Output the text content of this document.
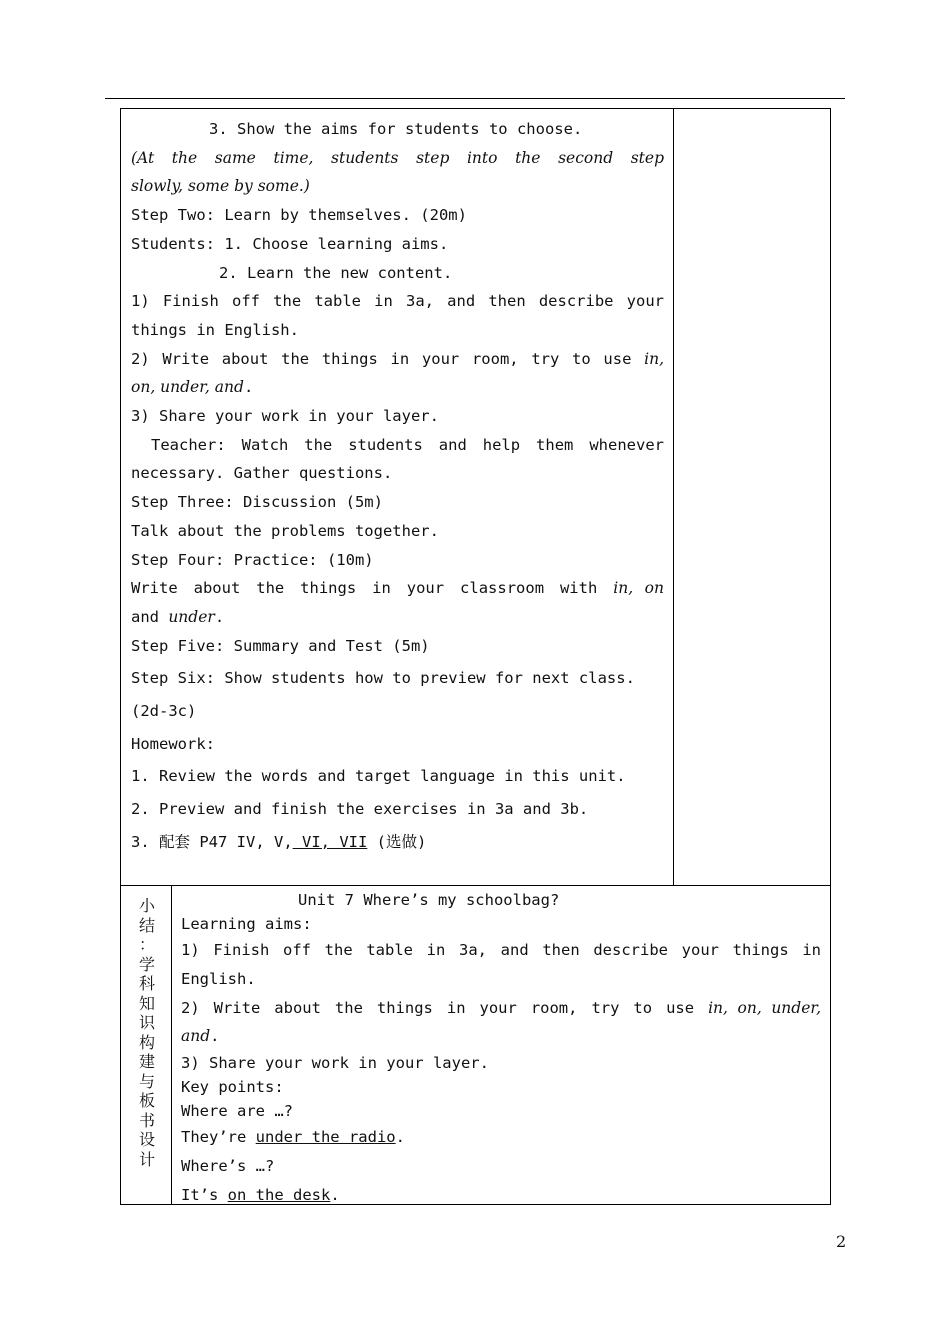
3. Show the aims for students to choose.
(At the same time, students step into the second step
slowly, some by some.)
Step Two: Learn by themselves. (20m)
Students: 1. Choose learning aims.
2. Learn the new content.
1) Finish off the table in 3a, and then describe your
things in English.
2) Write about the things in your room, try to use in,
on, under, and.
3) Share your work in your layer.
Teacher: Watch the students and help them whenever
necessary. Gather questions.
Step Three: Discussion (5m)
Talk about the problems together.
Step Four: Practice: (10m)
Write about the things in your classroom with in, on
and under.
Step Five: Summary and Test (5m)
Step Six: Show students how to preview for next class.
(2d-3c)
Homework:
1. Review the words and target language in this unit.
2. Preview and finish the exercises in 3a and 3b.
3. 配套 P47 IV, V, VI, VII (选做)
小
结
：
学
科
知
识
构
建
与
板
书
设
计
Unit 7 Where’s my schoolbag?
Learning aims:
1) Finish off the table in 3a, and then describe your things in
English.
2) Write about the things in your room, try to use in, on, under,
and.
3) Share your work in your layer.
Key points:
Where are …?
They’re under the radio.
Where’s …?
It’s on the desk.
2
